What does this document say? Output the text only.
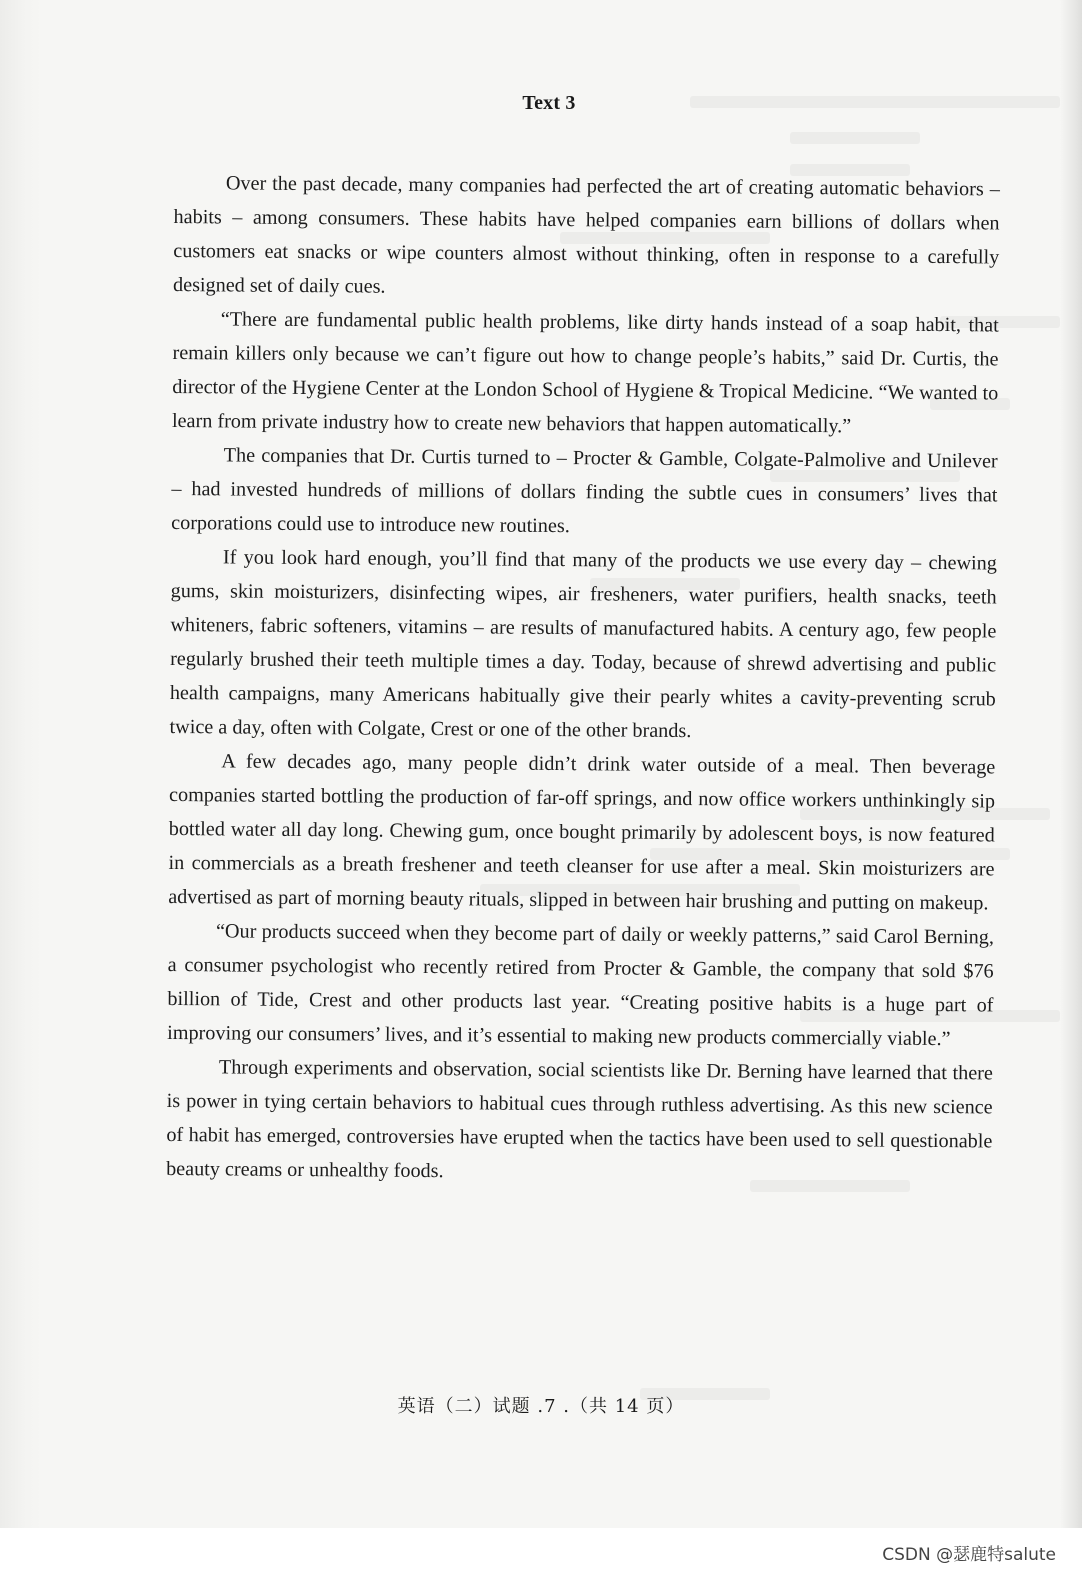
Text 3

Over the past decade, many companies had perfected the art of creating automatic behaviors – habits – among consumers. These habits have helped companies earn billions of dollars when customers eat snacks or wipe counters almost without thinking, often in response to a carefully designed set of daily cues.

“There are fundamental public health problems, like dirty hands instead of a soap habit, that remain killers only because we can’t figure out how to change people’s habits,” said Dr. Curtis, the director of the Hygiene Center at the London School of Hygiene & Tropical Medicine. “We wanted to learn from private industry how to create new behaviors that happen automatically.”

The companies that Dr. Curtis turned to – Procter & Gamble, Colgate-Palmolive and Unilever – had invested hundreds of millions of dollars finding the subtle cues in consumers’ lives that corporations could use to introduce new routines.

If you look hard enough, you’ll find that many of the products we use every day – chewing gums, skin moisturizers, disinfecting wipes, air fresheners, water purifiers, health snacks, teeth whiteners, fabric softeners, vitamins – are results of manufactured habits. A century ago, few people regularly brushed their teeth multiple times a day. Today, because of shrewd advertising and public health campaigns, many Americans habitually give their pearly whites a cavity-preventing scrub twice a day, often with Colgate, Crest or one of the other brands.

A few decades ago, many people didn’t drink water outside of a meal. Then beverage companies started bottling the production of far-off springs, and now office workers unthinkingly sip bottled water all day long. Chewing gum, once bought primarily by adolescent boys, is now featured in commercials as a breath freshener and teeth cleanser for use after a meal. Skin moisturizers are advertised as part of morning beauty rituals, slipped in between hair brushing and putting on makeup.

“Our products succeed when they become part of daily or weekly patterns,” said Carol Berning, a consumer psychologist who recently retired from Procter & Gamble, the company that sold $76 billion of Tide, Crest and other products last year. “Creating positive habits is a huge part of improving our consumers’ lives, and it’s essential to making new products commercially viable.”

Through experiments and observation, social scientists like Dr. Berning have learned that there is power in tying certain behaviors to habitual cues through ruthless advertising. As this new science of habit has emerged, controversies have erupted when the tactics have been used to sell questionable beauty creams or unhealthy foods.

英语（二）试题 .7 .（共 14 页）
CSDN @瑟鹿特salute
